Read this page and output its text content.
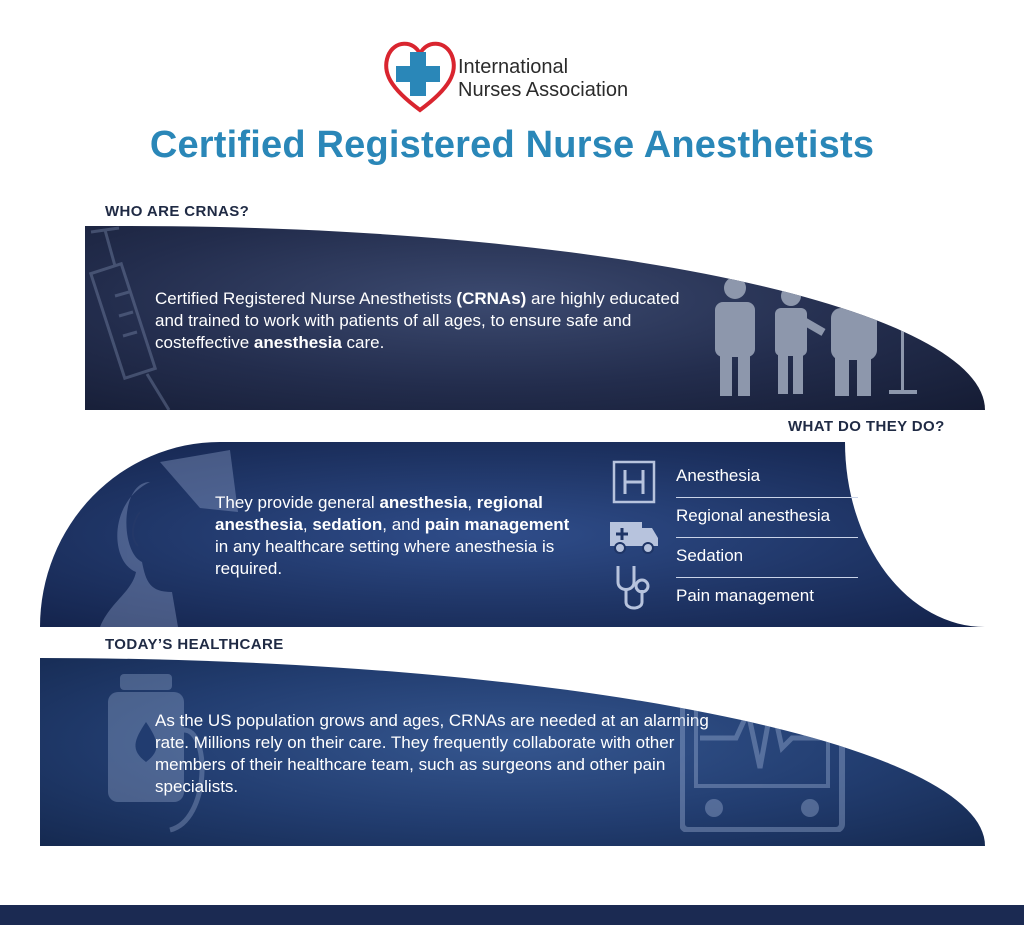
International
Nurses Association
Certified Registered Nurse Anesthetists
WHO ARE CRNAS?
Certified Registered Nurse Anesthetists (CRNAs) are highly educated and trained to work with patients of all ages, to ensure safe and costeffective anesthesia care.
WHAT DO THEY DO?
They provide general anesthesia, regional anesthesia, sedation, and pain management in any healthcare setting where anesthesia is required.
Anesthesia
Regional anesthesia
Sedation
Pain management
TODAY’S HEALTHCARE
As the US population grows and ages, CRNAs are needed at an alarming rate. Millions rely on their care. They frequently collaborate with other members of their healthcare team, such as surgeons and other pain specialists.
